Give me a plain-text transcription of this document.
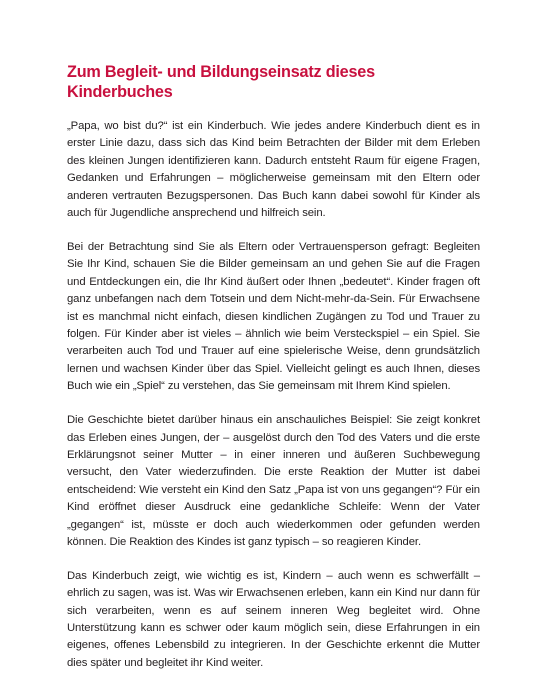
Zum Begleit- und Bildungseinsatz dieses Kinderbuches

„Papa, wo bist du?“ ist ein Kinderbuch. Wie jedes andere Kinderbuch dient es in erster Linie dazu, dass sich das Kind beim Betrachten der Bilder mit dem Erleben des kleinen Jungen identifizieren kann. Dadurch entsteht Raum für eigene Fragen, Gedanken und Erfahrungen – möglicherweise gemeinsam mit den Eltern oder anderen vertrauten Bezugspersonen. Das Buch kann dabei sowohl für Kinder als auch für Jugendliche ansprechend und hilfreich sein.

Bei der Betrachtung sind Sie als Eltern oder Vertrauensperson gefragt: Begleiten Sie Ihr Kind, schauen Sie die Bilder gemeinsam an und gehen Sie auf die Fragen und Entdeckungen ein, die Ihr Kind äußert oder Ihnen „bedeutet“. Kinder fragen oft ganz unbefangen nach dem Totsein und dem Nicht-mehr-da-Sein. Für Erwachsene ist es manchmal nicht einfach, diesen kindlichen Zugängen zu Tod und Trauer zu folgen. Für Kinder aber ist vieles – ähnlich wie beim Versteckspiel – ein Spiel. Sie verarbeiten auch Tod und Trauer auf eine spielerische Weise, denn grundsätzlich lernen und wachsen Kinder über das Spiel. Vielleicht gelingt es auch Ihnen, dieses Buch wie ein „Spiel“ zu verstehen, das Sie gemeinsam mit Ihrem Kind spielen.

Die Geschichte bietet darüber hinaus ein anschauliches Beispiel: Sie zeigt konkret das Erleben eines Jungen, der – ausgelöst durch den Tod des Vaters und die erste Erklärungsnot seiner Mutter – in einer inneren und äußeren Suchbewegung versucht, den Vater wiederzufinden. Die erste Reaktion der Mutter ist dabei entscheidend: Wie versteht ein Kind den Satz „Papa ist von uns gegangen“? Für ein Kind eröffnet dieser Ausdruck eine gedankliche Schleife: Wenn der Vater „gegangen“ ist, müsste er doch auch wiederkommen oder gefunden werden können. Die Reaktion des Kindes ist ganz typisch – so reagieren Kinder.

Das Kinderbuch zeigt, wie wichtig es ist, Kindern – auch wenn es schwerfällt – ehrlich zu sagen, was ist. Was wir Erwachsenen erleben, kann ein Kind nur dann für sich verarbeiten, wenn es auf seinem inneren Weg begleitet wird. Ohne Unterstützung kann es schwer oder kaum möglich sein, diese Erfahrungen in ein eigenes, offenes Lebensbild zu integrieren. In der Geschichte erkennt die Mutter dies später und begleitet ihr Kind weiter.
